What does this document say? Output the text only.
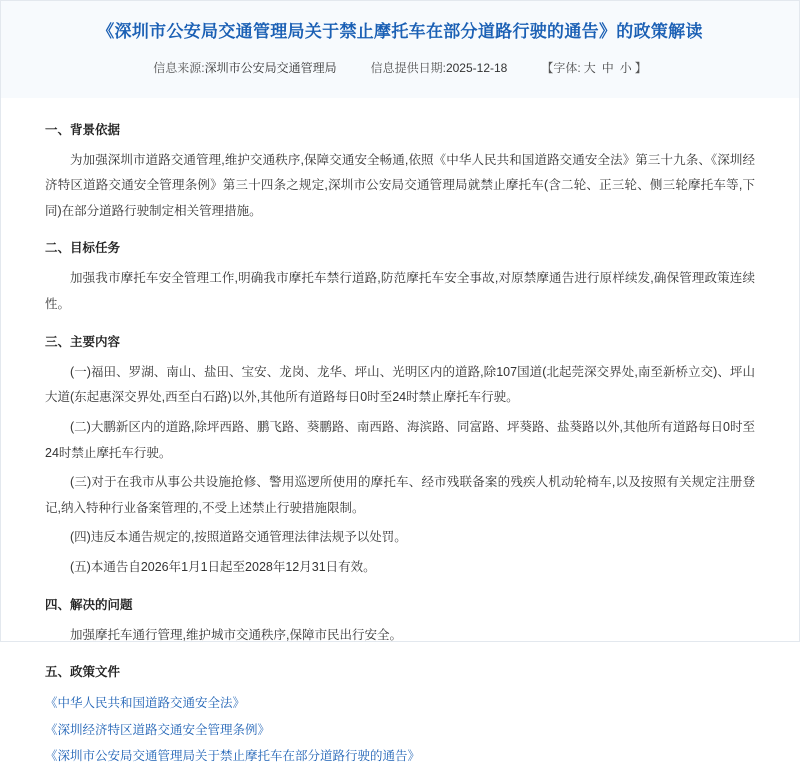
《深圳市公安局交通管理局关于禁止摩托车在部分道路行驶的通告》的政策解读
信息来源:深圳市公安局交通管理局	信息提供日期:2025-12-18	【字体: 大 中 小 】
一、背景依据

为加强深圳市道路交通管理,维护交通秩序,保障交通安全畅通,依照《中华人民共和国道路交通安全法》第三十九条、《深圳经济特区道路交通安全管理条例》第三十四条之规定,深圳市公安局交通管理局就禁止摩托车(含二轮、正三轮、侧三轮摩托车等,下同)在部分道路行驶制定相关管理措施。

二、目标任务

加强我市摩托车安全管理工作,明确我市摩托车禁行道路,防范摩托车安全事故,对原禁摩通告进行原样续发,确保管理政策连续性。

三、主要内容

(一)福田、罗湖、南山、盐田、宝安、龙岗、龙华、坪山、光明区内的道路,除107国道(北起莞深交界处,南至新桥立交)、坪山大道(东起惠深交界处,西至白石路)以外,其他所有道路每日0时至24时禁止摩托车行驶。

(二)大鹏新区内的道路,除坪西路、鹏飞路、葵鹏路、南西路、海滨路、同富路、坪葵路、盐葵路以外,其他所有道路每日0时至24时禁止摩托车行驶。

(三)对于在我市从事公共设施抢修、警用巡逻所使用的摩托车、经市残联备案的残疾人机动轮椅车,以及按照有关规定注册登记,纳入特种行业备案管理的,不受上述禁止行驶措施限制。

(四)违反本通告规定的,按照道路交通管理法律法规予以处罚。

(五)本通告自2026年1月1日起至2028年12月31日有效。

四、解决的问题

加强摩托车通行管理,维护城市交通秩序,保障市民出行安全。

五、政策文件

《中华人民共和国道路交通安全法》

《深圳经济特区道路交通安全管理条例》

《深圳市公安局交通管理局关于禁止摩托车在部分道路行驶的通告》
